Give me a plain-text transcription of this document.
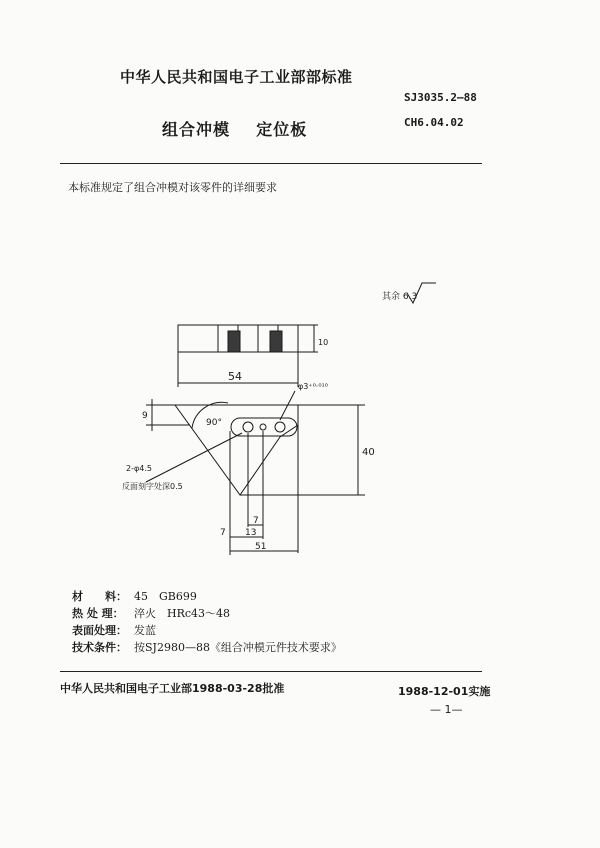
中华人民共和国电子工业部部标准
SJ3035.2—88
组合冲模    定位板	CH6.04.02
本标准规定了组合冲模对该零件的详细要求
其余 6.3
54
10
φ3⁺⁰·⁰¹⁰
9
90°
40
2-φ4.5
反面刻字处深0.5
7
7 13
51
材　　料： 45　GB699
热 处 理： 淬火　HRc43～48
表面处理： 发蓝
技术条件： 按SJ2980—88《组合冲模元件技术要求》
中华人民共和国电子工业部1988-03-28批准	1988-12-01实施
— 1—
